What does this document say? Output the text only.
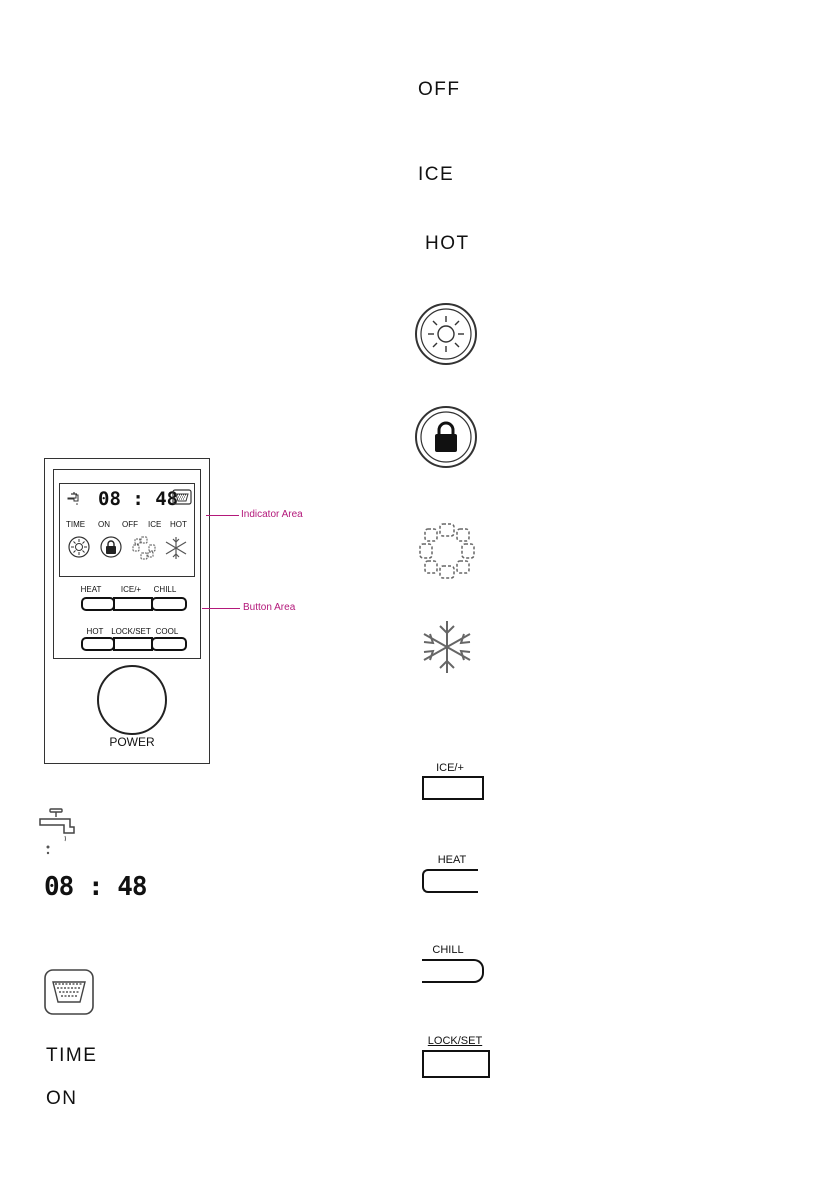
08 : 48
TIME ON OFF ICE HOT
HEAT ICE/+ CHILL
HOT LOCK/SET COOL
POWER
Indicator Area
Button Area
08 : 48
TIME
ON
OFF
ICE
HOT
ICE/+
HEAT
CHILL
LOCK/SET
